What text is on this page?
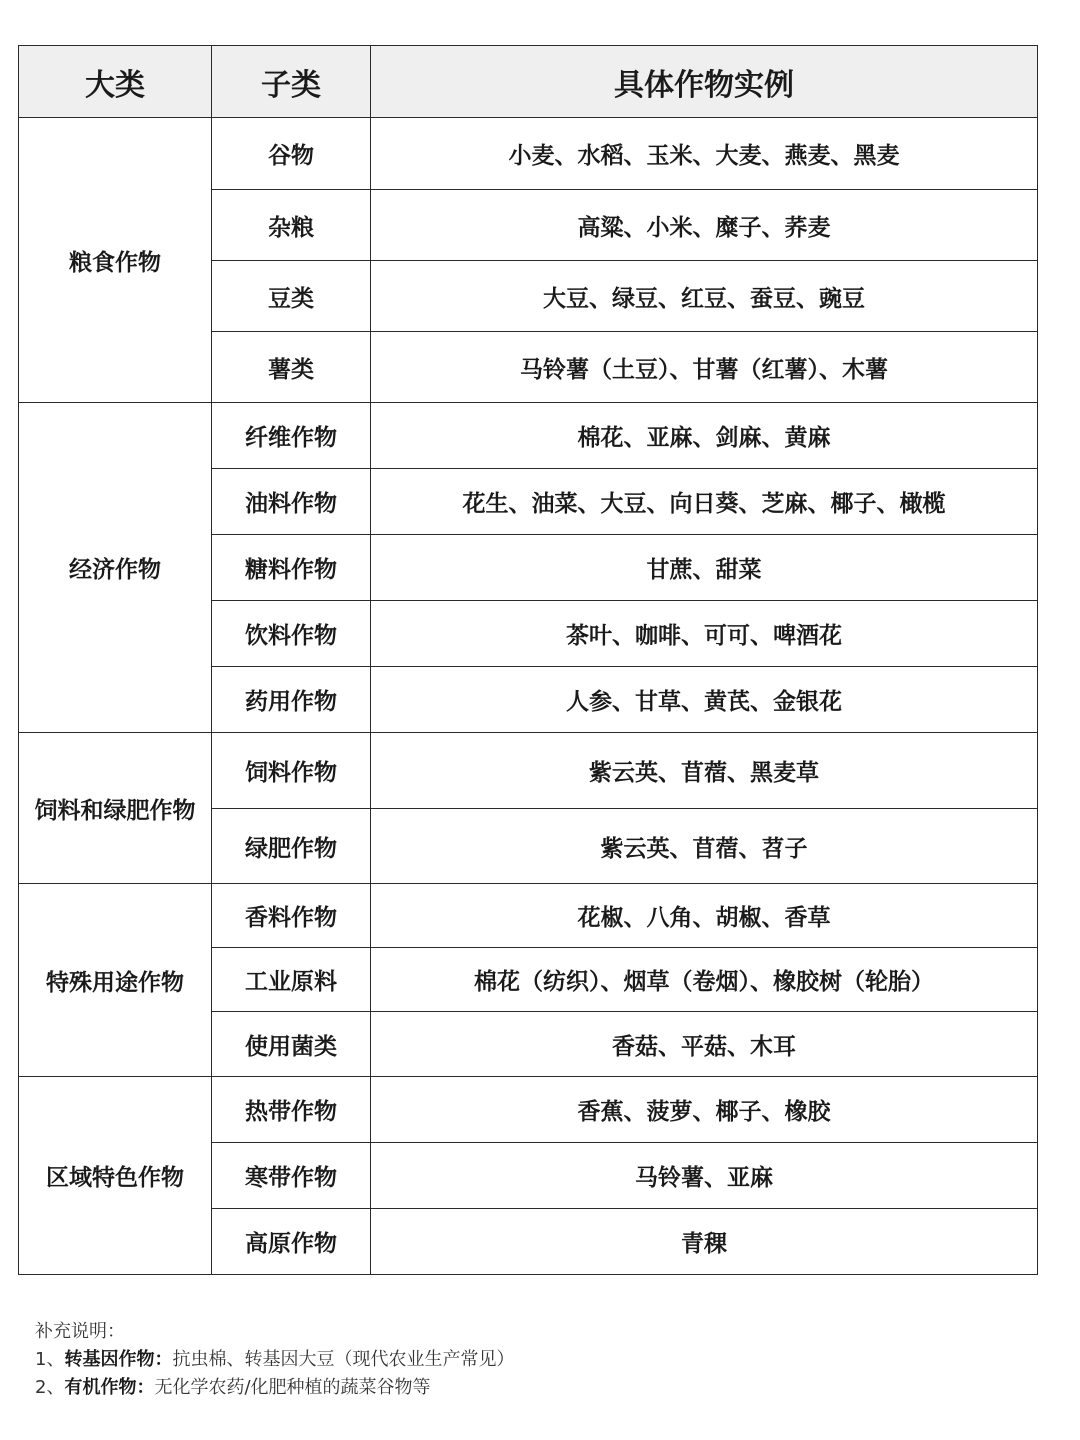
大类	子类	具体作物实例
粮食作物	谷物	小麦、水稻、玉米、大麦、燕麦、黑麦
	杂粮	高粱、小米、糜子、荞麦
	豆类	大豆、绿豆、红豆、蚕豆、豌豆
	薯类	马铃薯（土豆）、甘薯（红薯）、木薯
经济作物	纤维作物	棉花、亚麻、剑麻、黄麻
	油料作物	花生、油菜、大豆、向日葵、芝麻、椰子、橄榄
	糖料作物	甘蔗、甜菜
	饮料作物	茶叶、咖啡、可可、啤酒花
	药用作物	人参、甘草、黄芪、金银花
饲料和绿肥作物	饲料作物	紫云英、苜蓿、黑麦草
	绿肥作物	紫云英、苜蓿、苕子
特殊用途作物	香料作物	花椒、八角、胡椒、香草
	工业原料	棉花（纺织）、烟草（卷烟）、橡胶树（轮胎）
	使用菌类	香菇、平菇、木耳
区域特色作物	热带作物	香蕉、菠萝、椰子、橡胶
	寒带作物	马铃薯、亚麻
	高原作物	青稞
补充说明：
1、转基因作物：抗虫棉、转基因大豆（现代农业生产常见）
2、有机作物：无化学农药/化肥种植的蔬菜谷物等
